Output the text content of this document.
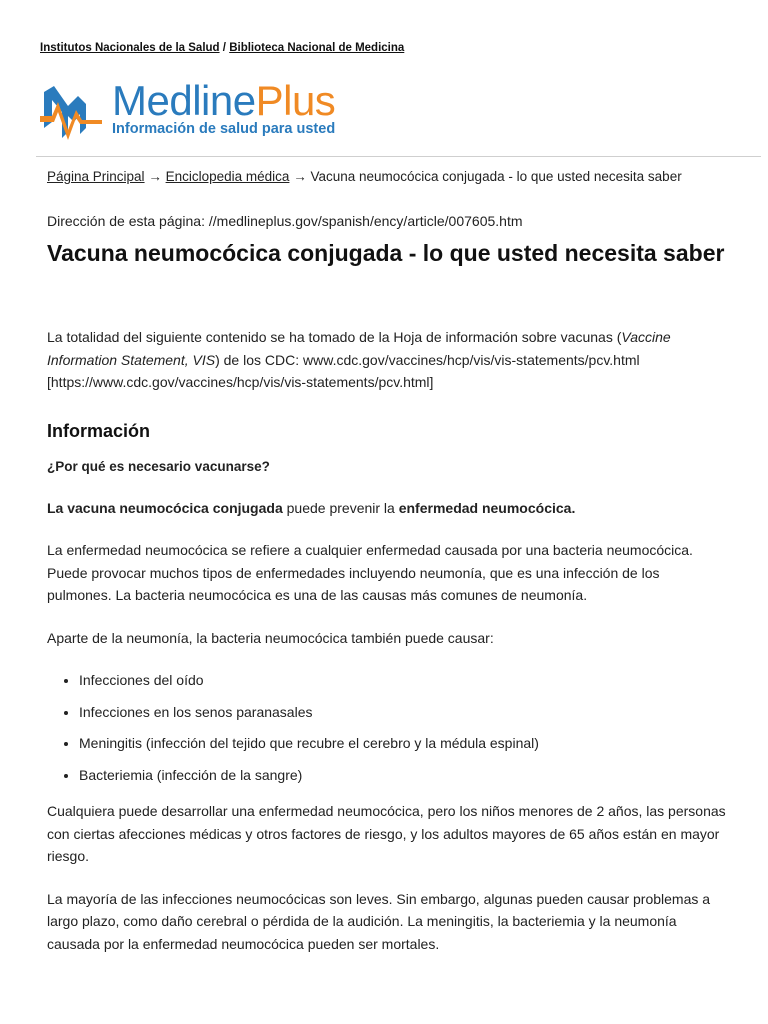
Institutos Nacionales de la Salud / Biblioteca Nacional de Medicina
MedlinePlus
Información de salud para usted
Página Principal → Enciclopedia médica → Vacuna neumocócica conjugada - lo que usted necesita saber
Dirección de esta página: //medlineplus.gov/spanish/ency/article/007605.htm
Vacuna neumocócica conjugada - lo que usted necesita saber

La totalidad del siguiente contenido se ha tomado de la Hoja de información sobre vacunas (Vaccine Information Statement, VIS) de los CDC: www.cdc.gov/vaccines/hcp/vis/vis-statements/pcv.html [https://www.cdc.gov/vaccines/hcp/vis/vis-statements/pcv.html]

Información

¿Por qué es necesario vacunarse?

La vacuna neumocócica conjugada puede prevenir la enfermedad neumocócica.

La enfermedad neumocócica se refiere a cualquier enfermedad causada por una bacteria neumocócica. Puede provocar muchos tipos de enfermedades incluyendo neumonía, que es una infección de los pulmones. La bacteria neumocócica es una de las causas más comunes de neumonía.

Aparte de la neumonía, la bacteria neumocócica también puede causar:

• Infecciones del oído
• Infecciones en los senos paranasales
• Meningitis (infección del tejido que recubre el cerebro y la médula espinal)
• Bacteriemia (infección de la sangre)

Cualquiera puede desarrollar una enfermedad neumocócica, pero los niños menores de 2 años, las personas con ciertas afecciones médicas y otros factores de riesgo, y los adultos mayores de 65 años están en mayor riesgo.

La mayoría de las infecciones neumocócicas son leves. Sin embargo, algunas pueden causar problemas a largo plazo, como daño cerebral o pérdida de la audición. La meningitis, la bacteriemia y la neumonía causada por la enfermedad neumocócica pueden ser mortales.
